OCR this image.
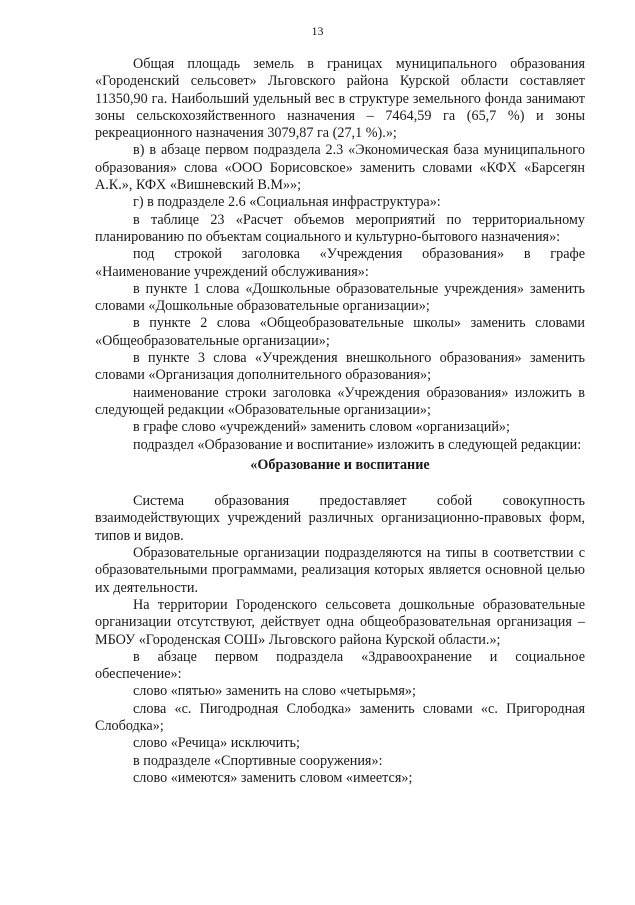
13

Общая площадь земель в границах муниципального образования «Городенский сельсовет» Льговского района Курской области составляет 11350,90 га. Наибольший удельный вес в структуре земельного фонда занимают зоны сельскохозяйственного назначения – 7464,59 га (65,7 %) и зоны рекреационного назначения 3079,87 га (27,1 %).»;

в) в абзаце первом подраздела 2.3 «Экономическая база муниципального образования» слова «ООО Борисовское» заменить словами «КФХ «Барсегян А.К.», КФХ «Вишневский В.М»»;

г) в подразделе 2.6 «Социальная инфраструктура»:

в таблице 23 «Расчет объемов мероприятий по территориальному планированию по объектам социального и культурно-бытового назначения»:

под строкой заголовка «Учреждения образования» в графе «Наименование учреждений обслуживания»:

в пункте 1 слова «Дошкольные образовательные учреждения» заменить словами «Дошкольные образовательные организации»;

в пункте 2 слова «Общеобразовательные школы» заменить словами «Общеобразовательные организации»;

в пункте 3 слова «Учреждения внешкольного образования» заменить словами «Организация дополнительного образования»;

наименование строки заголовка «Учреждения образования» изложить в следующей редакции «Образовательные организации»;

в графе слово «учреждений» заменить словом «организаций»;

подраздел «Образование и воспитание» изложить в следующей редакции:

«Образование и воспитание

Система образования предоставляет собой совокупность взаимодействующих учреждений различных организационно-правовых форм, типов и видов.

Образовательные организации подразделяются на типы в соответствии с образовательными программами, реализация которых является основной целью их деятельности.

На территории Городенского сельсовета дошкольные образовательные организации отсутствуют, действует одна общеобразовательная организация – МБОУ «Городенская СОШ» Льговского района Курской области.»;

в абзаце первом подраздела «Здравоохранение и социальное обеспечение»:

слово «пятью» заменить на слово «четырьмя»;

слова «с. Пигодродная Слободка» заменить словами «с. Пригородная Слободка»;

слово «Речица» исключить;

в подразделе «Спортивные сооружения»:

слово «имеются» заменить словом «имеется»;
